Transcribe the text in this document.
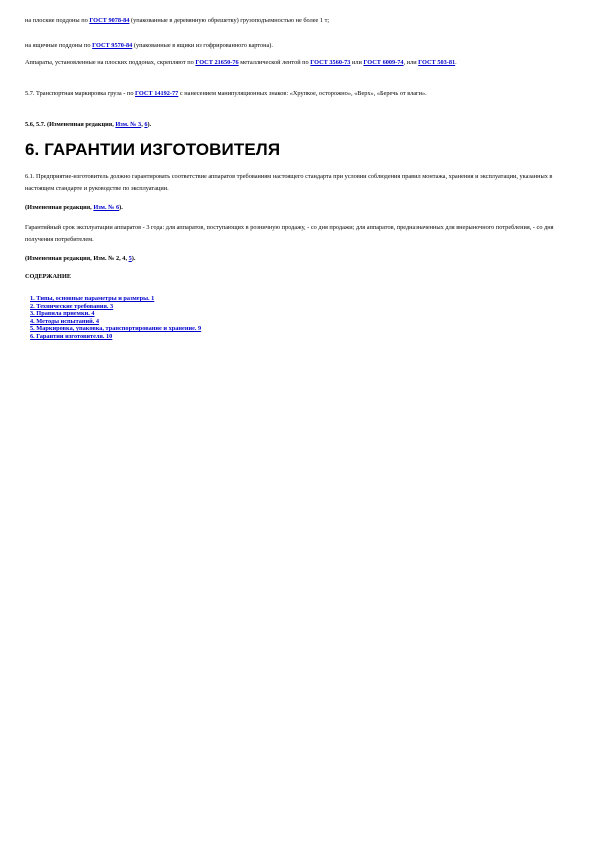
на плоские поддоны по ГОСТ 9078-84 (упакованные в деревянную обрешетку) грузоподъемностью не более 1 т;

на ящичные поддоны по ГОСТ 9570-84 (упакованные в ящики из гофрированного картона).

Аппараты, установленные на плоских поддонах, скрепляют по ГОСТ 21650-76 металлической лентой по ГОСТ 3560-73 или ГОСТ 6009-74, или ГОСТ 503-81.

5.7. Транспортная маркировка груза - по ГОСТ 14192-77 с нанесением манипуляционных знаков: «Хрупкое, осторожно», «Верх», «Беречь от влаги».

5.6, 5.7. (Измененная редакция, Изм. № 3, 6).

6. ГАРАНТИИ ИЗГОТОВИТЕЛЯ

6.1. Предприятие-изготовитель должно гарантировать соответствие аппаратов требованиям настоящего стандарта при условии соблюдения правил монтажа, хранения и эксплуатации, указанных в настоящем стандарте и руководстве по эксплуатации.

(Измененная редакция, Изм. № 6).

Гарантийный срок эксплуатации аппаратов - 3 года: для аппаратов, поступающих в розничную продажу, - со дня продажи; для аппаратов, предназначенных для внерыночного потребления, - со дня получения потребителем.

(Измененная редакция, Изм. № 2, 4, 5).

СОДЕРЖАНИЕ

1. Типы, основные параметры и размеры. 1
2. Технические требования. 3
3. Правила приемки. 4
4. Методы испытаний. 4
5. Маркировка, упаковка, транспортирование и хранение. 9
6. Гарантии изготовителя. 10
